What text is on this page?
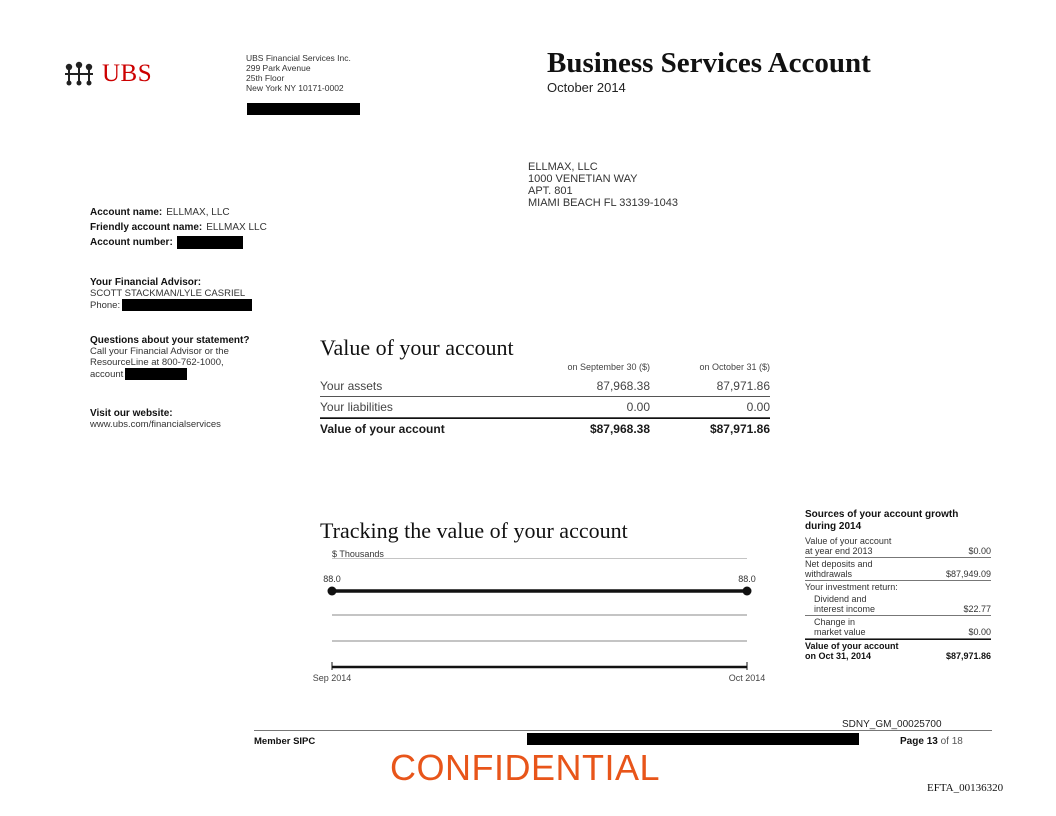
UBS
UBS Financial Services Inc.
299 Park Avenue
25th Floor
New York NY 10171-0002
Business Services Account
October 2014
ELLMAX, LLC
1000 VENETIAN WAY
APT. 801
MIAMI BEACH FL 33139-1043
Account name: ELLMAX, LLC
Friendly account name: ELLMAX LLC
Account number:
Your Financial Advisor:
SCOTT STACKMAN/LYLE CASRIEL
Phone:
Questions about your statement?
Call your Financial Advisor or the
ResourceLine at 800-762-1000,
account
Visit our website:
www.ubs.com/financialservices
Value of your account
on September 30 ($)	on October 31 ($)
Your assets	87,968.38	87,971.86
Your liabilities	0.00	0.00
Value of your account	$87,968.38	$87,971.86
Tracking the value of your account
$ Thousands
88.0	88.0
Sep 2014	Oct 2014
Sources of your account growth
during 2014
Value of your account
at year end 2013	$0.00
Net deposits and
withdrawals	$87,949.09
Your investment return:
Dividend and
interest income	$22.77
Change in
market value	$0.00
Value of your account
on Oct 31, 2014	$87,971.86
SDNY_GM_00025700
Member SIPC	Page 13 of 18
CONFIDENTIAL	EFTA_00136320
